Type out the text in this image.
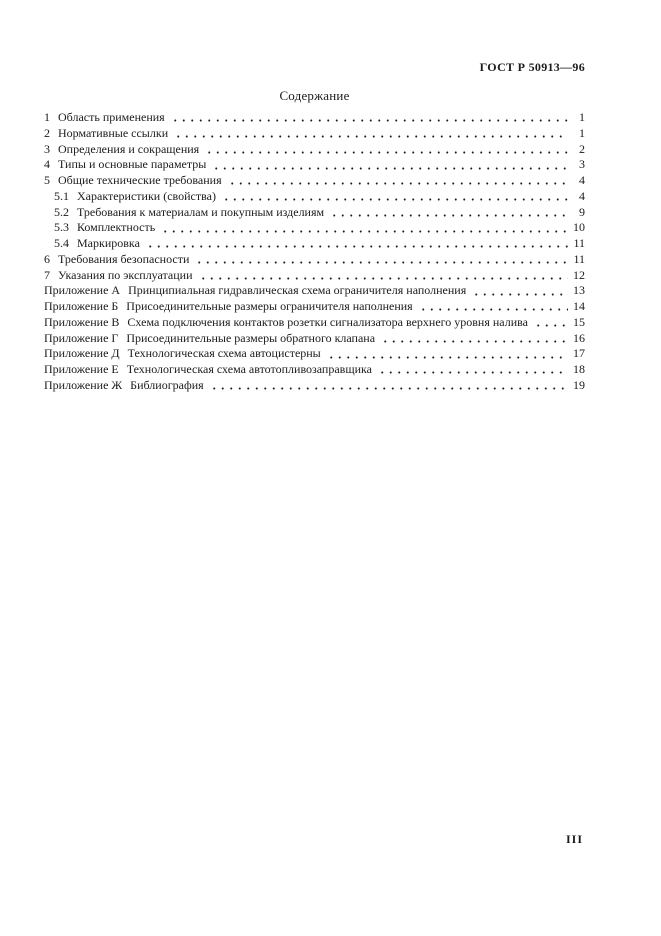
ГОСТ Р 50913—96
Содержание
1 Область применения	1
2 Нормативные ссылки	1
3 Определения и сокращения	2
4 Типы и основные параметры	3
5 Общие технические требования	4
5.1 Характеристики (свойства)	4
5.2 Требования к материалам и покупным изделиям	9
5.3 Комплектность	10
5.4 Маркировка	11
6 Требования безопасности	11
7 Указания по эксплуатации	12
Приложение А Принципиальная гидравлическая схема ограничителя наполнения	13
Приложение Б Присоединительные размеры ограничителя наполнения	14
Приложение В Схема подключения контактов розетки сигнализатора верхнего уровня налива	15
Приложение Г Присоединительные размеры обратного клапана	16
Приложение Д Технологическая схема автоцистерны	17
Приложение Е Технологическая схема автотопливозаправщика	18
Приложение Ж Библиография	19
III
